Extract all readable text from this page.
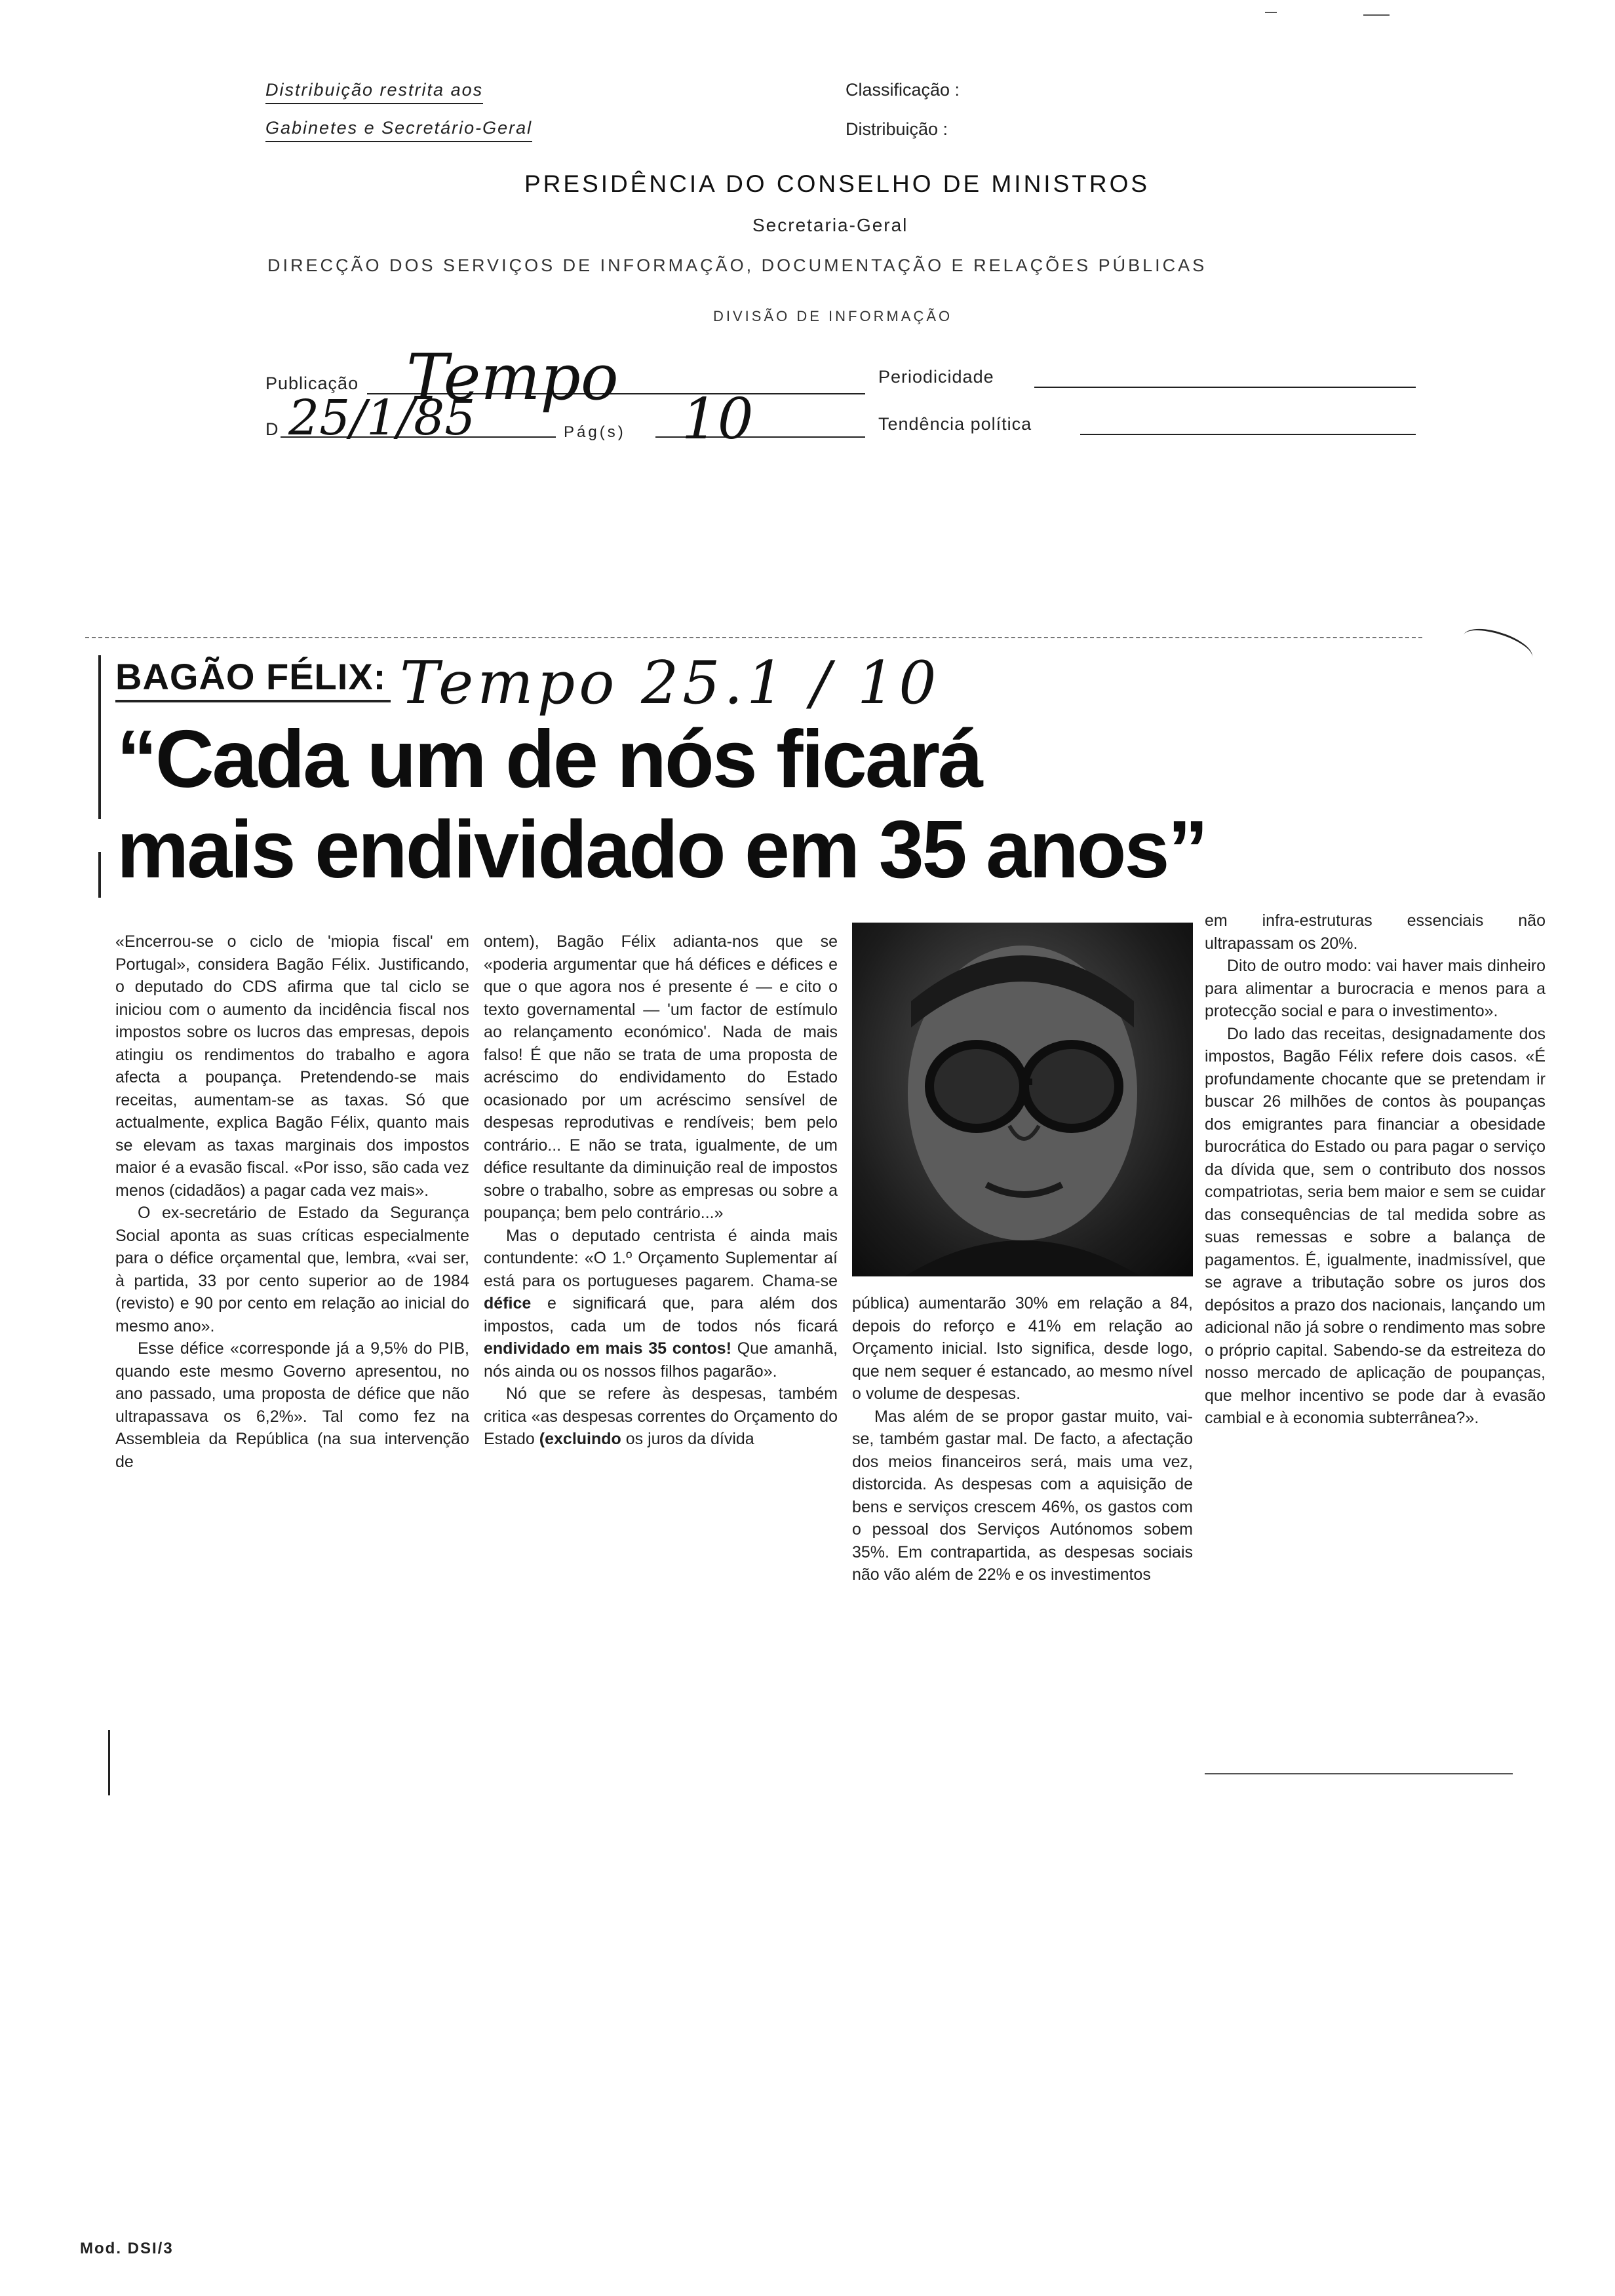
Distribuição restrita aos
Gabinetes e Secretário-Geral
Classificação :
Distribuição :
PRESIDÊNCIA DO CONSELHO DE MINISTROS
Secretaria-Geral
DIRECÇÃO DOS SERVIÇOS DE INFORMAÇÃO, DOCUMENTAÇÃO E RELAÇÕES PÚBLICAS
DIVISÃO DE INFORMAÇÃO
Publicação Tempo
D 25/1/85	Pág(s) 10
Periodicidade
Tendência política
BAGÃO FÉLIX: Tempo 25.1 / 10
“Cada um de nós ficará
mais endividado em 35 anos”

«Encerrou-se o ciclo de 'miopia fiscal' em Portugal», considera Bagão Félix. Justificando, o deputado do CDS afirma que tal ciclo se iniciou com o aumento da incidência fiscal nos impostos sobre os lucros das empresas, depois atingiu os rendimentos do trabalho e agora afecta a poupança. Pretendendo-se mais receitas, aumentam-se as taxas. Só que actualmente, explica Bagão Félix, quanto mais se elevam as taxas marginais dos impostos maior é a evasão fiscal. «Por isso, são cada vez menos (cidadãos) a pagar cada vez mais».

O ex-secretário de Estado da Segurança Social aponta as suas críticas especialmente para o défice orçamental que, lembra, «vai ser, à partida, 33 por cento superior ao de 1984 (revisto) e 90 por cento em relação ao inicial do mesmo ano».

Esse défice «corresponde já a 9,5% do PIB, quando este mesmo Governo apresentou, no ano passado, uma proposta de défice que não ultrapassava os 6,2%». Tal como fez na Assembleia da República (na sua intervenção de

ontem), Bagão Félix adianta-nos que se «poderia argumentar que há défices e défices e que o que agora nos é presente é — e cito o texto governamental — 'um factor de estímulo ao relançamento económico'. Nada de mais falso! É que não se trata de uma proposta de acréscimo do endividamento do Estado ocasionado por um acréscimo sensível de despesas reprodutivas e rendíveis; bem pelo contrário... E não se trata, igualmente, de um défice resultante da diminuição real de impostos sobre o trabalho, sobre as empresas ou sobre a poupança; bem pelo contrário...»

Mas o deputado centrista é ainda mais contundente: «O 1.º Orçamento Suplementar aí está para os portugueses pagarem. Chama-se défice e significará que, para além dos impostos, cada um de todos nós ficará endividado em mais 35 contos! Que amanhã, nós ainda ou os nossos filhos pagarão».

Nó que se refere às despesas, também critica «as despesas correntes do Orçamento do Estado (excluindo os juros da dívida

pública) aumentarão 30% em relação a 84, depois do reforço e 41% em relação ao Orçamento inicial. Isto significa, desde logo, que nem sequer é estancado, ao mesmo nível o volume de despesas.

Mas além de se propor gastar muito, vai-se, também gastar mal. De facto, a afectação dos meios financeiros será, mais uma vez, distorcida. As despesas com a aquisição de bens e serviços crescem 46%, os gastos com o pessoal dos Serviços Autónomos sobem 35%. Em contrapartida, as despesas sociais não vão além de 22% e os investimentos

em infra-estruturas essenciais não ultrapassam os 20%.

Dito de outro modo: vai haver mais dinheiro para alimentar a burocracia e menos para a protecção social e para o investimento».

Do lado das receitas, designadamente dos impostos, Bagão Félix refere dois casos. «É profundamente chocante que se pretendam ir buscar 26 milhões de contos às poupanças dos emigrantes para financiar a obesidade burocrática do Estado ou para pagar o serviço da dívida que, sem o contributo dos nossos compatriotas, seria bem maior e sem se cuidar das consequências de tal medida sobre as suas remessas e sobre a balança de pagamentos. É, igualmente, inadmissível, que se agrave a tributação sobre os juros dos depósitos a prazo dos nacionais, lançando um adicional não já sobre o rendimento mas sobre o próprio capital. Sabendo-se da estreiteza do nosso mercado de aplicação de poupanças, que melhor incentivo se pode dar à evasão cambial e à economia subterrânea?».

Mod. DSI/3
